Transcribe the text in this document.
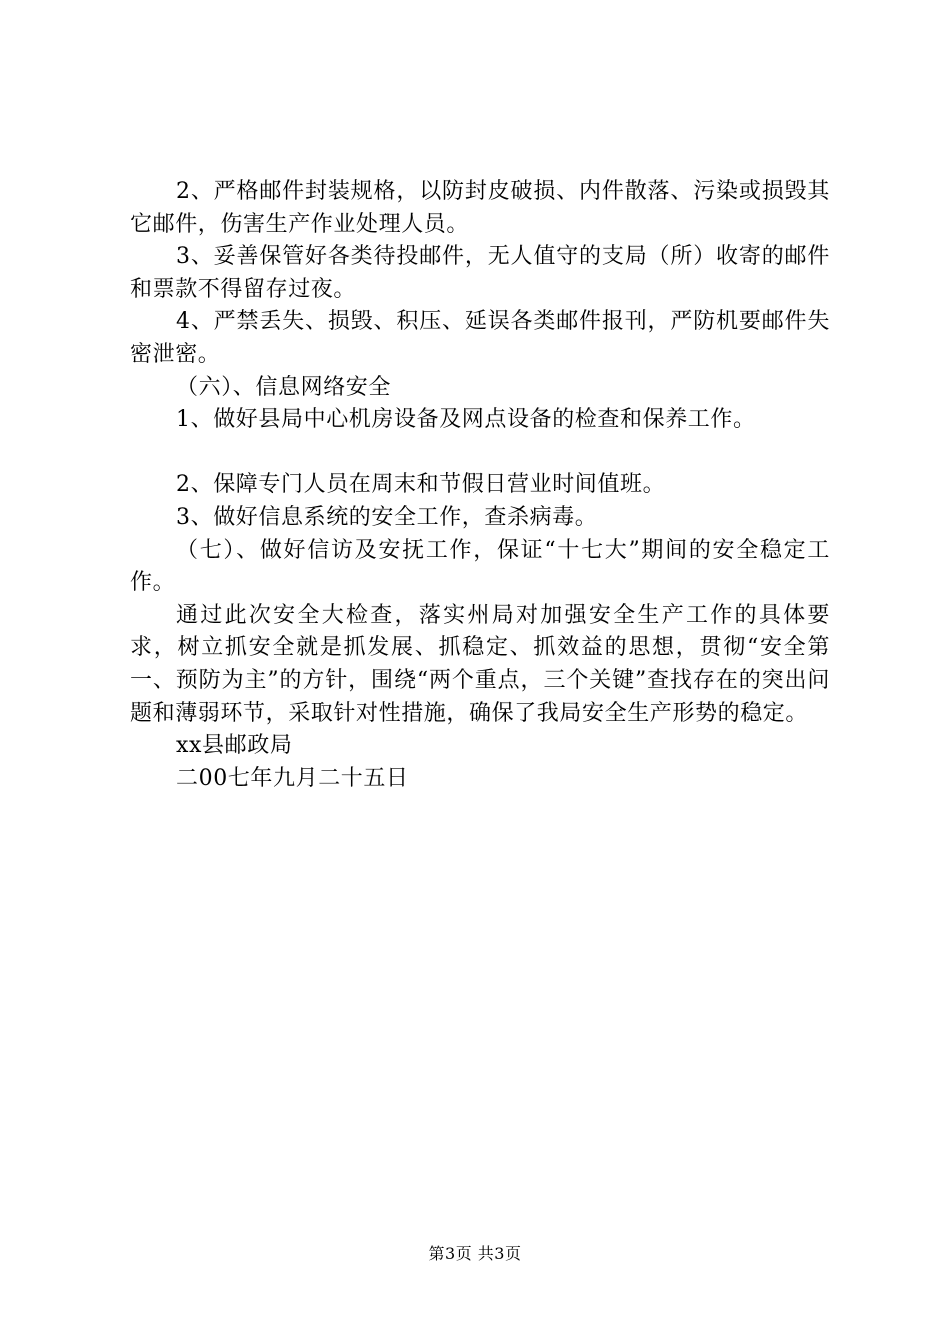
2、严格邮件封装规格，以防封皮破损、内件散落、污染或损毁其它邮件，伤害生产作业处理人员。

3、妥善保管好各类待投邮件，无人值守的支局（所）收寄的邮件和票款不得留存过夜。

4、严禁丢失、损毁、积压、延误各类邮件报刊，严防机要邮件失密泄密。

（六）、信息网络安全

1、做好县局中心机房设备及网点设备的检查和保养工作。

2、保障专门人员在周末和节假日营业时间值班。

3、做好信息系统的安全工作，查杀病毒。

（七）、做好信访及安抚工作，保证“十七大”期间的安全稳定工作。

通过此次安全大检查，落实州局对加强安全生产工作的具体要求，树立抓安全就是抓发展、抓稳定、抓效益的思想，贯彻“安全第一、预防为主”的方针，围绕“两个重点，三个关键”查找存在的突出问题和薄弱环节，采取针对性措施，确保了我局安全生产形势的稳定。

xx县邮政局

二00七年九月二十五日

第3页 共3页
